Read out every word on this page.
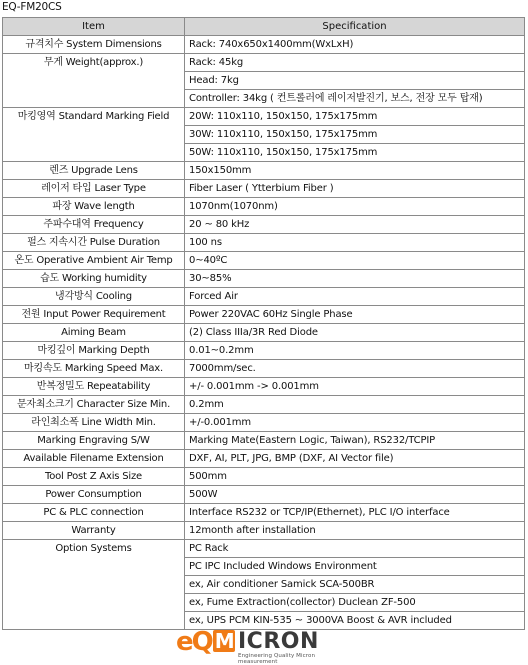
EQ-FM20CS
Item	Specification
규격치수 System Dimensions	Rack: 740x650x1400mm(WxLxH)
무게 Weight(approx.)	Rack: 45kg
	Head: 7kg
	Controller: 34kg ( 컨트롤러에 레이저발진기, 보스, 전장 모두 탑재)
마킹영역 Standard Marking Field	20W: 110x110, 150x150, 175x175mm
	30W: 110x110, 150x150, 175x175mm
	50W: 110x110, 150x150, 175x175mm
렌즈 Upgrade Lens	150x150mm
레이저 타입 Laser Type	Fiber Laser ( Ytterbium Fiber )
파장 Wave length	1070nm(1070nm)
주파수대역 Frequency	20 ~ 80 kHz
펄스 지속시간 Pulse Duration	100 ns
온도 Operative Ambient Air Temp	0~40ºC
습도 Working humidity	30~85%
냉각방식 Cooling	Forced Air
전원 Input Power Requirement	Power 220VAC 60Hz Single Phase
Aiming Beam	(2) Class IIIa/3R Red Diode
마킹깊이 Marking Depth	0.01~0.2mm
마킹속도 Marking Speed Max.	7000mm/sec.
반복정밀도 Repeatability	+/- 0.001mm -> 0.001mm
문자최소크기 Character Size Min.	0.2mm
라인최소폭 Line Width Min.	+/-0.001mm
Marking Engraving S/W	Marking Mate(Eastern Logic, Taiwan), RS232/TCPIP
Available Filename Extension	DXF, AI, PLT, JPG, BMP (DXF, AI Vector file)
Tool Post Z Axis Size	500mm
Power Consumption	500W
PC & PLC connection	Interface RS232 or TCP/IP(Ethernet), PLC I/O interface
Warranty	12month after installation
Option Systems	PC Rack
	PC IPC Included Windows Environment
	ex, Air conditioner Samick SCA-500BR
	ex, Fume Extraction(collector) Duclean ZF-500
	ex, UPS PCM KIN-535 ~ 3000VA Boost & AVR included
eQ M ICRON
Engineering Quality Micron measurement
